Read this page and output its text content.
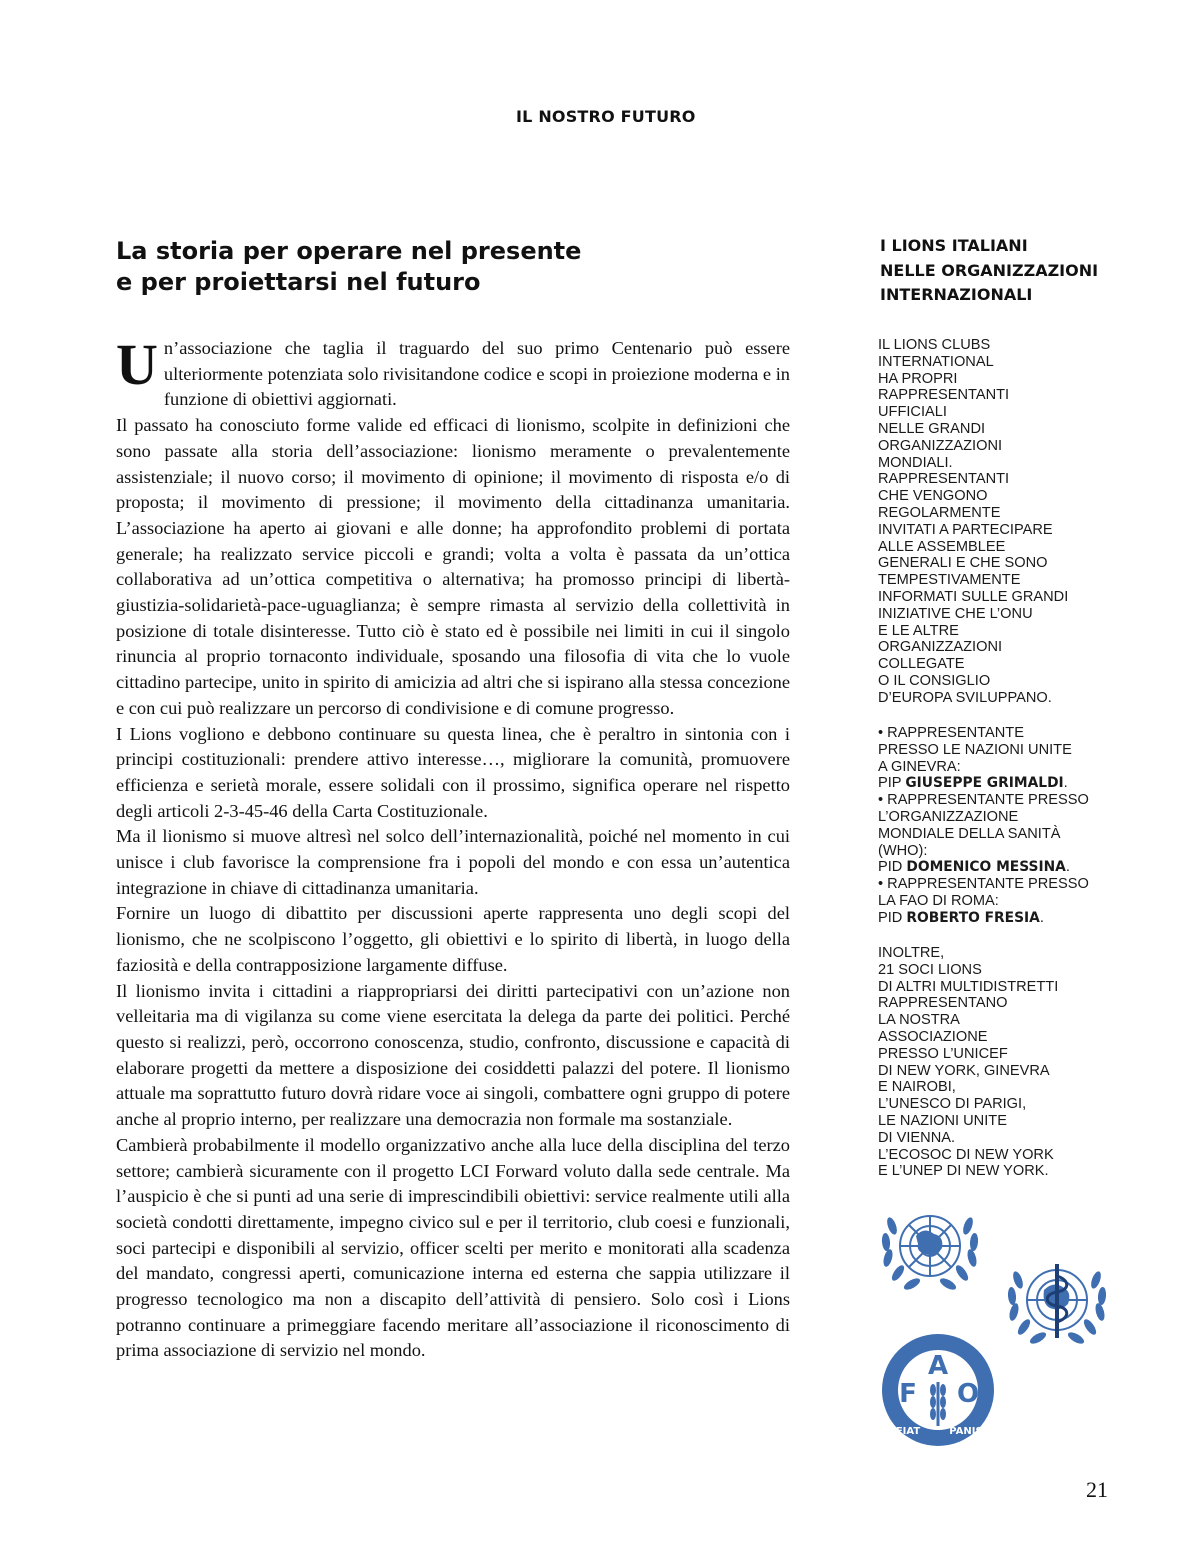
IL NOSTRO FUTURO
La storia per operare nel presente
e per proiettarsi nel futuro

Un’associazione che taglia il traguardo del suo primo Centenario può essere ulteriormente potenziata solo rivisitandone codice e scopi in proiezione moderna e in funzione di obiettivi aggiornati.

Il passato ha conosciuto forme valide ed efficaci di lionismo, scolpite in definizioni che sono passate alla storia dell’associazione: lionismo meramente o prevalentemente assistenziale; il nuovo corso; il movimento di opinione; il movimento di risposta e/o di proposta; il movimento di pressione; il movimento della cittadinanza umanitaria. L’associazione ha aperto ai giovani e alle donne; ha approfondito problemi di portata generale; ha realizzato service piccoli e grandi; volta a volta è passata da un’ottica collaborativa ad un’ottica competitiva o alternativa; ha promosso principi di libertà-giustizia-solidarietà-pace-uguaglianza; è sempre rimasta al servizio della collettività in posizione di totale disinteresse. Tutto ciò è stato ed è possibile nei limiti in cui il singolo rinuncia al proprio tornaconto individuale, sposando una filosofia di vita che lo vuole cittadino partecipe, unito in spirito di amicizia ad altri che si ispirano alla stessa concezione e con cui può realizzare un percorso di condivisione e di comune progresso.

I Lions vogliono e debbono continuare su questa linea, che è peraltro in sintonia con i principi costituzionali: prendere attivo interesse…, migliorare la comunità, promuovere efficienza e serietà morale, essere solidali con il prossimo, significa operare nel rispetto degli articoli 2-3-45-46 della Carta Costituzionale.

Ma il lionismo si muove altresì nel solco dell’internazionalità, poiché nel momento in cui unisce i club favorisce la comprensione fra i popoli del mondo e con essa un’autentica integrazione in chiave di cittadinanza umanitaria.

Fornire un luogo di dibattito per discussioni aperte rappresenta uno degli scopi del lionismo, che ne scolpiscono l’oggetto, gli obiettivi e lo spirito di libertà, in luogo della faziosità e della contrapposizione largamente diffuse.

Il lionismo invita i cittadini a riappropriarsi dei diritti partecipativi con un’azione non velleitaria ma di vigilanza su come viene esercitata la delega da parte dei politici. Perché questo si realizzi, però, occorrono conoscenza, studio, confronto, discussione e capacità di elaborare progetti da mettere a disposizione dei cosiddetti palazzi del potere. Il lionismo attuale ma soprattutto futuro dovrà ridare voce ai singoli, combattere ogni gruppo di potere anche al proprio interno, per realizzare una democrazia non formale ma sostanziale.

Cambierà probabilmente il modello organizzativo anche alla luce della disciplina del terzo settore; cambierà sicuramente con il progetto LCI Forward voluto dalla sede centrale. Ma l’auspicio è che si punti ad una serie di imprescindibili obiettivi: service realmente utili alla società condotti direttamente, impegno civico sul e per il territorio, club coesi e funzionali, soci partecipi e disponibili al servizio, officer scelti per merito e monitorati alla scadenza del mandato, congressi aperti, comunicazione interna ed esterna che sappia utilizzare il progresso tecnologico ma non a discapito dell’attività di pensiero. Solo così i Lions potranno continuare a primeggiare facendo meritare all’associazione il riconoscimento di prima associazione di servizio nel mondo.

I LIONS ITALIANI
NELLE ORGANIZZAZIONI
INTERNAZIONALI
IL LIONS CLUBS
INTERNATIONAL
HA PROPRI
RAPPRESENTANTI
UFFICIALI
NELLE GRANDI
ORGANIZZAZIONI
MONDIALI.
RAPPRESENTANTI
CHE VENGONO
REGOLARMENTE
INVITATI A PARTECIPARE
ALLE ASSEMBLEE
GENERALI E CHE SONO
TEMPESTIVAMENTE
INFORMATI SULLE GRANDI
INIZIATIVE CHE L’ONU
E LE ALTRE
ORGANIZZAZIONI
COLLEGATE
O IL CONSIGLIO
D’EUROPA SVILUPPANO.
• RAPPRESENTANTE
PRESSO LE NAZIONI UNITE
A GINEVRA:
PIP GIUSEPPE GRIMALDI.
• RAPPRESENTANTE PRESSO
L’ORGANIZZAZIONE
MONDIALE DELLA SANITÀ
(WHO):
PID DOMENICO MESSINA.
• RAPPRESENTANTE PRESSO
LA FAO DI ROMA:
PID ROBERTO FRESIA.
INOLTRE,
21 SOCI LIONS
DI ALTRI MULTIDISTRETTI
RAPPRESENTANO
LA NOSTRA
ASSOCIAZIONE
PRESSO L’UNICEF
DI NEW YORK, GINEVRA
E NAIROBI,
L’UNESCO DI PARIGI,
LE NAZIONI UNITE
DI VIENNA.
L’ECOSOC DI NEW YORK
E L’UNEP DI NEW YORK.
F
A
O
FIAT	PANIS
21
